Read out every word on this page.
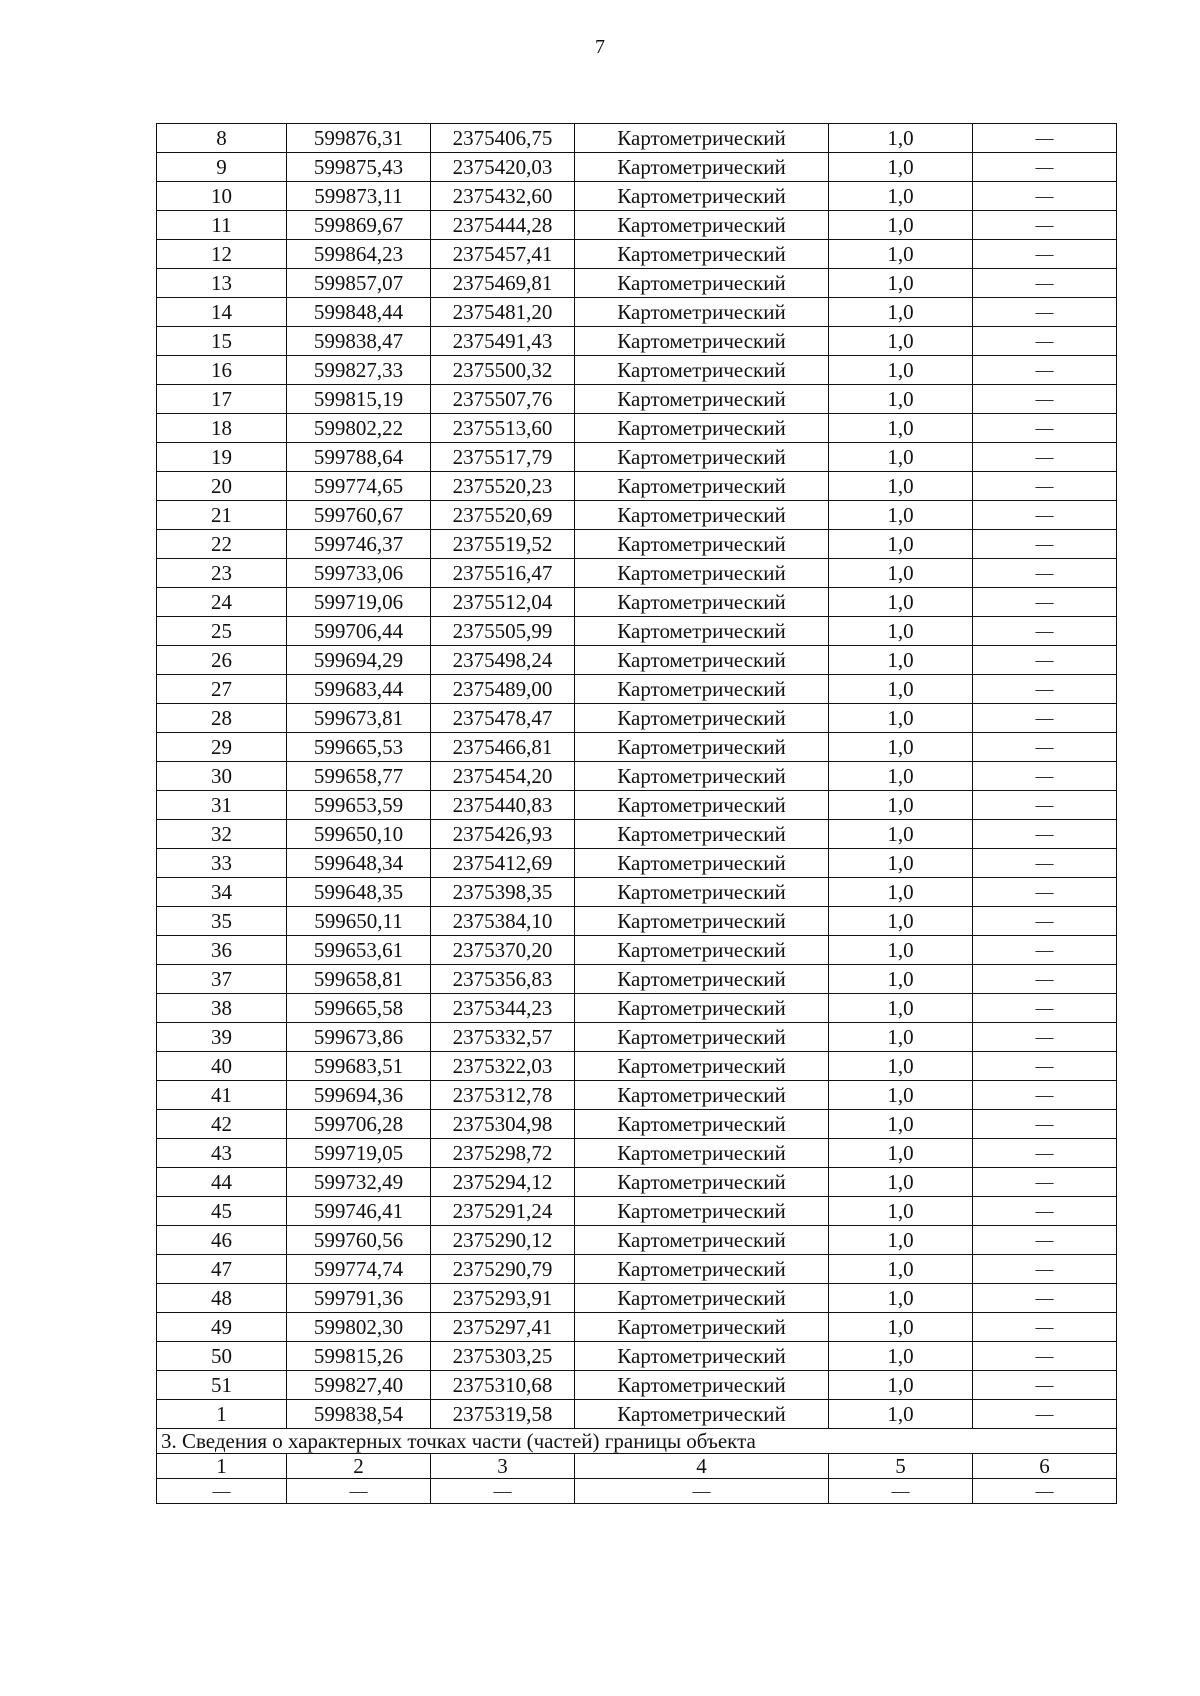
7
8	599876,31	2375406,75	Картометрический	1,0	—
9	599875,43	2375420,03	Картометрический	1,0	—
10	599873,11	2375432,60	Картометрический	1,0	—
11	599869,67	2375444,28	Картометрический	1,0	—
12	599864,23	2375457,41	Картометрический	1,0	—
13	599857,07	2375469,81	Картометрический	1,0	—
14	599848,44	2375481,20	Картометрический	1,0	—
15	599838,47	2375491,43	Картометрический	1,0	—
16	599827,33	2375500,32	Картометрический	1,0	—
17	599815,19	2375507,76	Картометрический	1,0	—
18	599802,22	2375513,60	Картометрический	1,0	—
19	599788,64	2375517,79	Картометрический	1,0	—
20	599774,65	2375520,23	Картометрический	1,0	—
21	599760,67	2375520,69	Картометрический	1,0	—
22	599746,37	2375519,52	Картометрический	1,0	—
23	599733,06	2375516,47	Картометрический	1,0	—
24	599719,06	2375512,04	Картометрический	1,0	—
25	599706,44	2375505,99	Картометрический	1,0	—
26	599694,29	2375498,24	Картометрический	1,0	—
27	599683,44	2375489,00	Картометрический	1,0	—
28	599673,81	2375478,47	Картометрический	1,0	—
29	599665,53	2375466,81	Картометрический	1,0	—
30	599658,77	2375454,20	Картометрический	1,0	—
31	599653,59	2375440,83	Картометрический	1,0	—
32	599650,10	2375426,93	Картометрический	1,0	—
33	599648,34	2375412,69	Картометрический	1,0	—
34	599648,35	2375398,35	Картометрический	1,0	—
35	599650,11	2375384,10	Картометрический	1,0	—
36	599653,61	2375370,20	Картометрический	1,0	—
37	599658,81	2375356,83	Картометрический	1,0	—
38	599665,58	2375344,23	Картометрический	1,0	—
39	599673,86	2375332,57	Картометрический	1,0	—
40	599683,51	2375322,03	Картометрический	1,0	—
41	599694,36	2375312,78	Картометрический	1,0	—
42	599706,28	2375304,98	Картометрический	1,0	—
43	599719,05	2375298,72	Картометрический	1,0	—
44	599732,49	2375294,12	Картометрический	1,0	—
45	599746,41	2375291,24	Картометрический	1,0	—
46	599760,56	2375290,12	Картометрический	1,0	—
47	599774,74	2375290,79	Картометрический	1,0	—
48	599791,36	2375293,91	Картометрический	1,0	—
49	599802,30	2375297,41	Картометрический	1,0	—
50	599815,26	2375303,25	Картометрический	1,0	—
51	599827,40	2375310,68	Картометрический	1,0	—
1	599838,54	2375319,58	Картометрический	1,0	—
3. Сведения о характерных точках части (частей) границы объекта					
1	2	3	4	5	6
—	—	—	—	—	—
